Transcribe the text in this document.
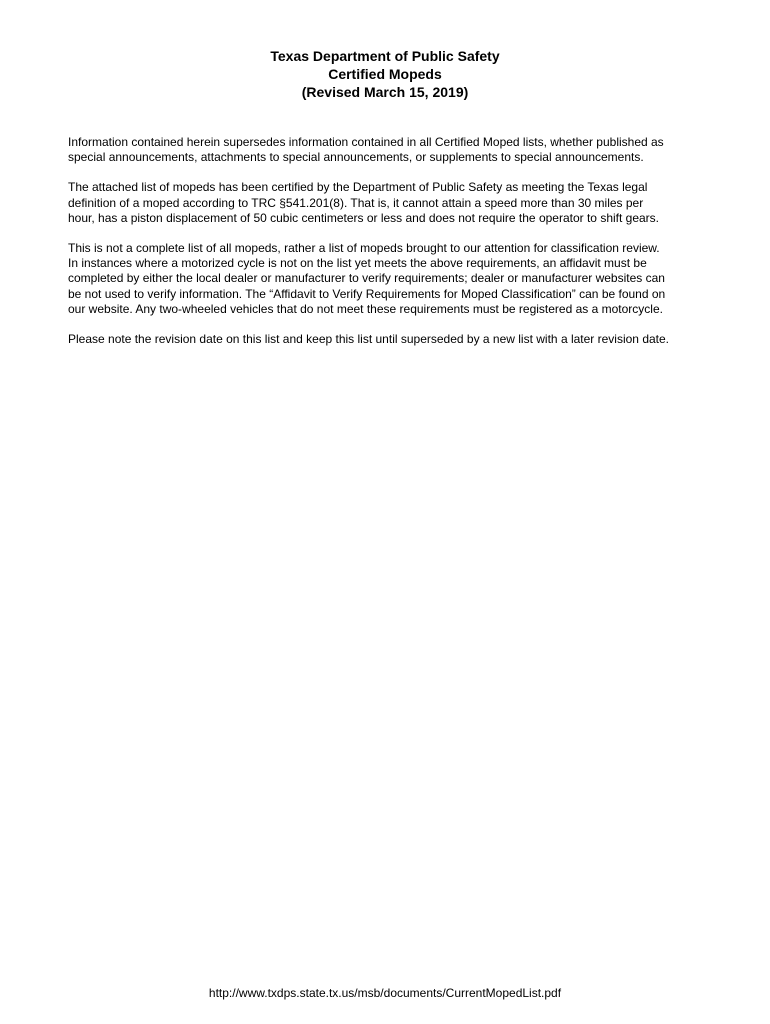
Texas Department of Public Safety
Certified Mopeds
(Revised March 15, 2019)

Information contained herein supersedes information contained in all Certified Moped lists, whether published as
special announcements, attachments to special announcements, or supplements to special announcements.

The attached list of mopeds has been certified by the Department of Public Safety as meeting the Texas legal
definition of a moped according to TRC §541.201(8). That is, it cannot attain a speed more than 30 miles per
hour, has a piston displacement of 50 cubic centimeters or less and does not require the operator to shift gears.

This is not a complete list of all mopeds, rather a list of mopeds brought to our attention for classification review.
In instances where a motorized cycle is not on the list yet meets the above requirements, an affidavit must be
completed by either the local dealer or manufacturer to verify requirements; dealer or manufacturer websites can
be not used to verify information. The “Affidavit to Verify Requirements for Moped Classification” can be found on
our website. Any two-wheeled vehicles that do not meet these requirements must be registered as a motorcycle.

Please note the revision date on this list and keep this list until superseded by a new list with a later revision date.

http://www.txdps.state.tx.us/msb/documents/CurrentMopedList.pdf
